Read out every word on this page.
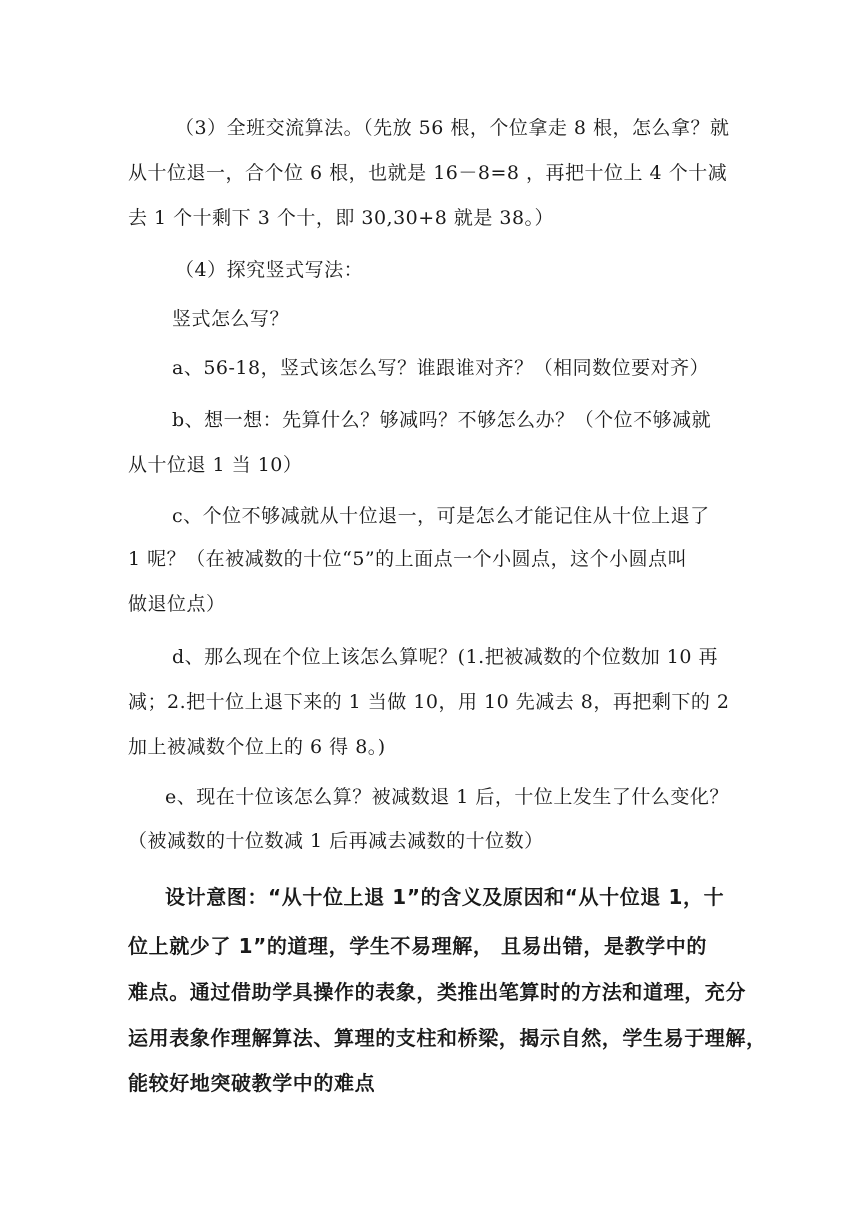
（3）全班交流算法。（先放 56 根，个位拿走 8 根，怎么拿？就
从十位退一，合个位 6 根，也就是 16－8=8 ，再把十位上 4 个十减
去 1 个十剩下 3 个十，即 30,30+8 就是 38。）
（4）探究竖式写法：
竖式怎么写？
a、56-18，竖式该怎么写？谁跟谁对齐？（相同数位要对齐）
b、想一想：先算什么？够减吗？不够怎么办？（个位不够减就
从十位退 1 当 10）
c、个位不够减就从十位退一，可是怎么才能记住从十位上退了
1 呢？（在被减数的十位“5”的上面点一个小圆点，这个小圆点叫
做退位点）
d、那么现在个位上该怎么算呢？(1.把被减数的个位数加 10 再
减；2.把十位上退下来的 1 当做 10，用 10 先减去 8，再把剩下的 2
加上被减数个位上的 6 得 8。)
e、现在十位该怎么算？被减数退 1 后，十位上发生了什么变化？
（被减数的十位数减 1 后再减去减数的十位数）
设计意图：“从十位上退 1”的含义及原因和“从十位退 1，十
位上就少了 1”的道理，学生不易理解， 且易出错，是教学中的
难点。通过借助学具操作的表象，类推出笔算时的方法和道理，充分
运用表象作理解算法、算理的支柱和桥梁，揭示自然，学生易于理解，
能较好地突破教学中的难点
